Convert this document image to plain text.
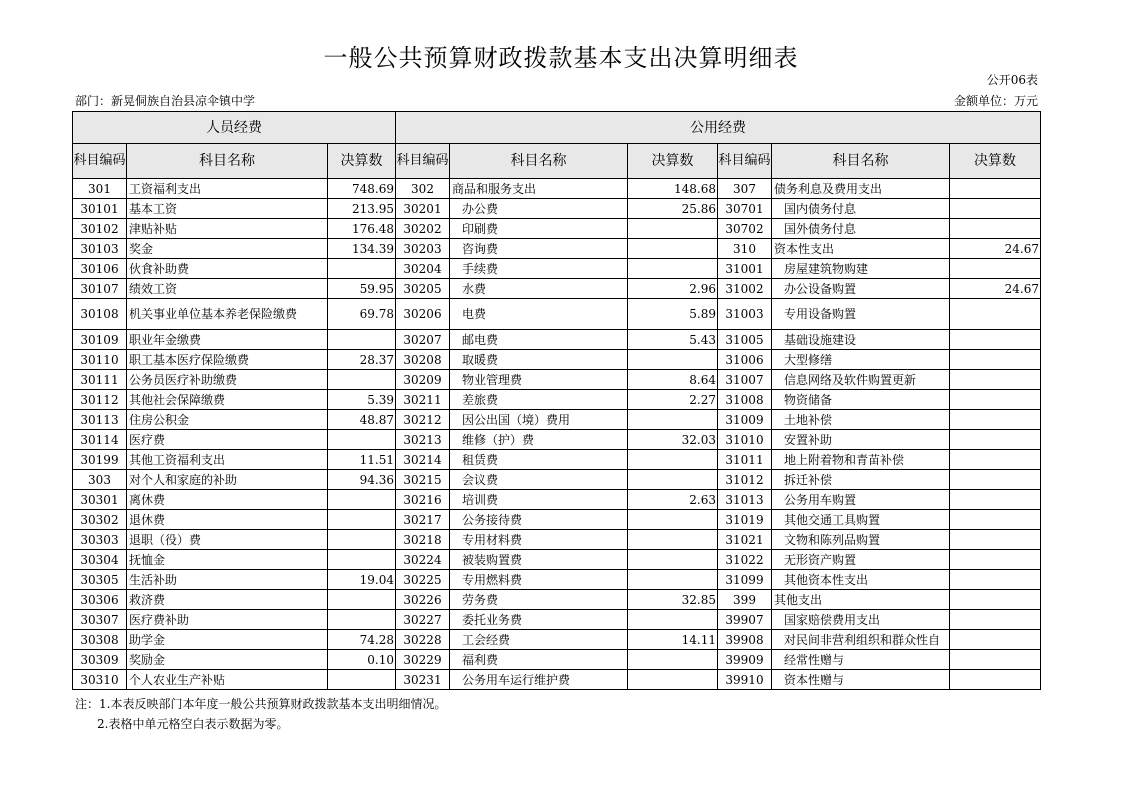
一般公共预算财政拨款基本支出决算明细表
公开06表
部门：新晃侗族自治县凉伞镇中学	金额单位：万元
人员经费			公用经费					
科目编码	科目名称	决算数	科目编码	科目名称	决算数	科目编码	科目名称	决算数
301	工资福利支出	748.69	302	商品和服务支出	148.68	307	债务利息及费用支出	
30101	基本工资	213.95	30201	办公费	25.86	30701	国内债务付息	
30102	津贴补贴	176.48	30202	印刷费		30702	国外债务付息	
30103	奖金	134.39	30203	咨询费		310	资本性支出	24.67
30106	伙食补助费		30204	手续费		31001	房屋建筑物购建	
30107	绩效工资	59.95	30205	水费	2.96	31002	办公设备购置	24.67
30108	机关事业单位基本养老保险缴费	69.78	30206	电费	5.89	31003	专用设备购置	
30109	职业年金缴费		30207	邮电费	5.43	31005	基础设施建设	
30110	职工基本医疗保险缴费	28.37	30208	取暖费		31006	大型修缮	
30111	公务员医疗补助缴费		30209	物业管理费	8.64	31007	信息网络及软件购置更新	
30112	其他社会保障缴费	5.39	30211	差旅费	2.27	31008	物资储备	
30113	住房公积金	48.87	30212	因公出国（境）费用		31009	土地补偿	
30114	医疗费		30213	维修（护）费	32.03	31010	安置补助	
30199	其他工资福利支出	11.51	30214	租赁费		31011	地上附着物和青苗补偿	
303	对个人和家庭的补助	94.36	30215	会议费		31012	拆迁补偿	
30301	离休费		30216	培训费	2.63	31013	公务用车购置	
30302	退休费		30217	公务接待费		31019	其他交通工具购置	
30303	退职（役）费		30218	专用材料费		31021	文物和陈列品购置	
30304	抚恤金		30224	被装购置费		31022	无形资产购置	
30305	生活补助	19.04	30225	专用燃料费		31099	其他资本性支出	
30306	救济费		30226	劳务费	32.85	399	其他支出	
30307	医疗费补助		30227	委托业务费		39907	国家赔偿费用支出	
30308	助学金	74.28	30228	工会经费	14.11	39908	对民间非营利组织和群众性自	
30309	奖励金	0.10	30229	福利费		39909	经常性赠与	
30310	个人农业生产补贴		30231	公务用车运行维护费		39910	资本性赠与	
注：1.本表反映部门本年度一般公共预算财政拨款基本支出明细情况。
2.表格中单元格空白表示数据为零。
